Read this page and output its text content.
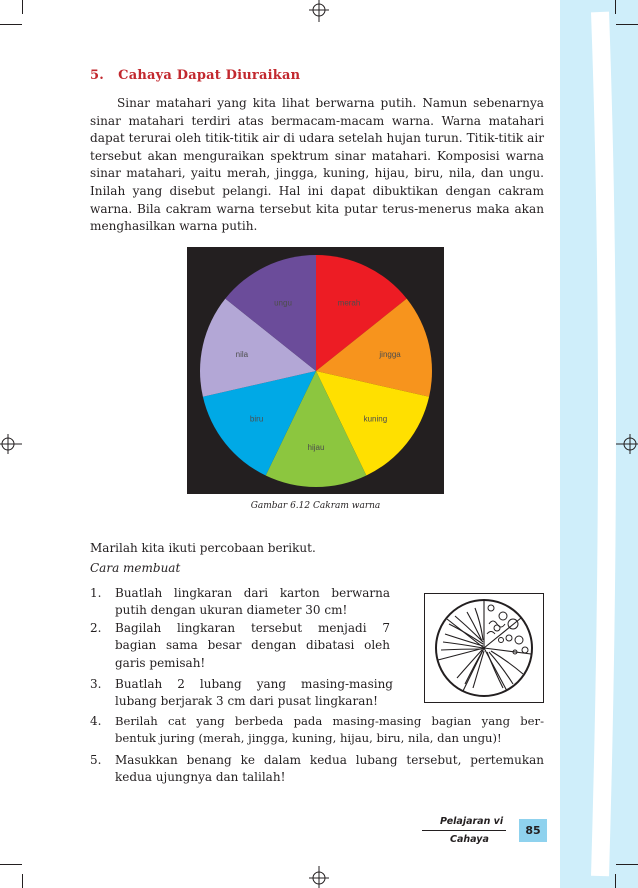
5. Cahaya Dapat Diuraikan
Sinar matahari yang kita lihat berwarna putih. Namun sebenarnya sinar matahari terdiri atas bermacam-macam warna. Warna matahari dapat terurai oleh titik-titik air di udara setelah hujan turun. Titik-titik air tersebut akan menguraikan spektrum sinar matahari. Komposisi warna sinar matahari, yaitu merah, jingga, kuning, hijau, biru, nila, dan ungu. Inilah yang disebut pelangi. Hal ini dapat dibuktikan dengan cakram warna. Bila cakram warna tersebut kita putar terus-menerus maka akan menghasilkan warna putih.
merah
jingga
kuning
hijau
biru
nila
ungu
Gambar 6.12 Cakram warna
Marilah kita ikuti percobaan berikut.
Cara membuat
1. Buatlah lingkaran dari karton berwarna
putih dengan ukuran diameter 30 cm!
2. Bagilah lingkaran tersebut menjadi 7
bagian sama besar dengan dibatasi oleh
garis pemisah!
3. Buatlah 2 lubang yang masing-masing
lubang berjarak 3 cm dari pusat lingkaran!
4. Berilah cat yang berbeda pada masing-masing bagian yang ber-
bentuk juring (merah, jingga, kuning, hijau, biru, nila, dan ungu)!
5. Masukkan benang ke dalam kedua lubang tersebut, pertemukan
kedua ujungnya dan talilah!
Pelajaran vi
Cahaya
85
